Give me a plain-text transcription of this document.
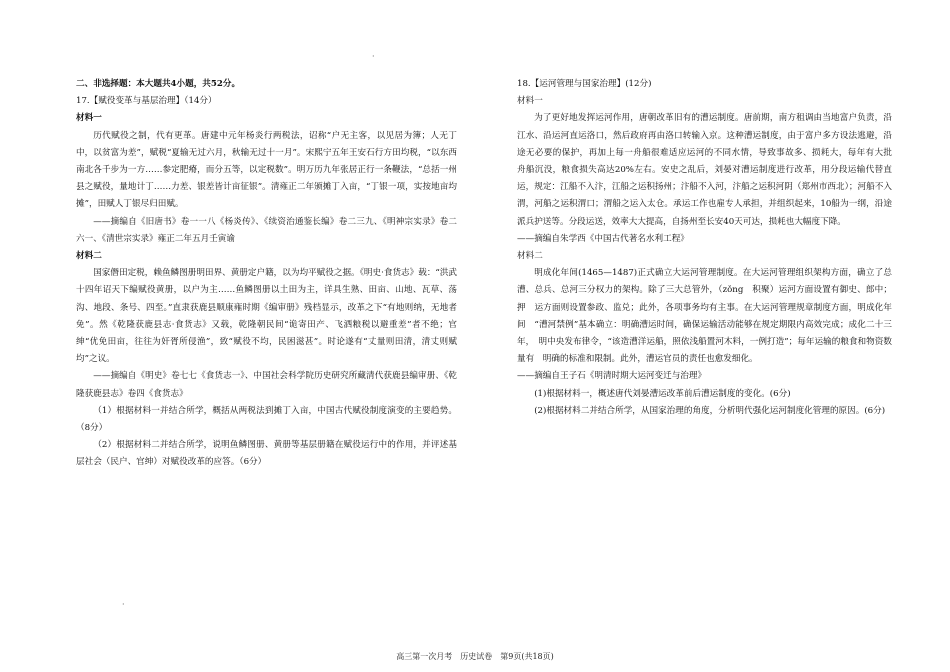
·
·

二、非选择题：本大题共4小题，共52分。

17.【赋役变革与基层治理】（14分）

材料一

历代赋役之制，代有更革。唐建中元年杨炎行两税法，诏称“户无主客，以见居为簿；人无丁中，以贫富为差”，赋税“夏输无过六月，秋输无过十一月”。宋熙宁五年王安石行方田均税，“以东西南北各千步为一方……参定肥瘠，而分五等，以定税数”。明万历九年张居正行一条鞭法，“总括一州县之赋役，量地计丁……力差、银差皆计亩征银”。清雍正二年颁摊丁入亩，“丁银一项，实按地亩均摊”，田赋人丁银尽归田赋。

——摘编自《旧唐书》卷一一八《杨炎传》、《续资治通鉴长编》卷二三九、《明神宗实录》卷二六一、《清世宗实录》雍正二年五月壬寅谕

材料二

国家僭田定税，赖鱼鳞图册明田界、黄册定户籍，以为均平赋役之据。《明史·食货志》载：“洪武十四年诏天下编赋役黄册，以户为主……鱼鳞图册以土田为主，详具生熟、田亩、山地、瓦草、荡沟、地段、条号、四至。”直隶获鹿县顺康雍时期《编审册》残档显示，改革之下“有地则纳，无地者免”。然《乾隆获鹿县志·食货志》又载，乾隆朝民间“诡寄田产、飞洒粮税以避重差”者不绝；官绅“优免田亩，往往为奸胥所侵渔”，致“赋役不均，民困滋甚”。时论遂有“丈量则田清，清丈则赋均”之议。

——摘编自《明史》卷七七《食货志一》、中国社会科学院历史研究所藏清代获鹿县编审册、《乾隆获鹿县志》卷四《食货志》

（1）根据材料一并结合所学，概括从两税法到摊丁入亩，中国古代赋役制度演变的主要趋势。（8分）

（2）根据材料二并结合所学，说明鱼鳞图册、黄册等基层册籍在赋役运行中的作用，并评述基层社会（民户、官绅）对赋役改革的应答。（6分）

18.【运河管理与国家治理】(12分)

材料一

为了更好地发挥运河作用，唐朝改革旧有的漕运制度。唐前期，南方租调由当地富户负责，沿江水、沿运河直运洛口，然后政府再由洛口转输入京。这种漕运制度，由于富户多方设法逃避，沿途无必要的保护，再加上每一舟船很难适应运河的不同水情，导致事故多、损耗大，每年有大批　舟船沉没，粮食损失高达20%左右。安史之乱后，刘晏对漕运制度进行改革，用分段运输代替直　运，规定：江船不入汴，江船之运积扬州；汴船不入河，汴船之运积河阴（郑州市西北）；河船不入　渭，河船之运积渭口；渭船之运入太仓。承运工作也雇专人承担，并组织起来，10船为一纲，沿途派兵护送等。分段运送，效率大大提高，自扬州至长安40天可达，损耗也大幅度下降。

——摘编自朱学西《中国古代著名水利工程》

材料二

明成化年间(1465—1487)正式确立大运河管理制度。在大运河管理组织架构方面，确立了总漕、总兵、总河三分权力的架构。除了三大总管外，（zǒng　积聚）运河方面设置有御史、郎中；押　运方面则设置参政、监兑；此外，各项事务均有主事。在大运河管理规章制度方面，明成化年间　“漕河禁例”基本确立：明确漕运时间，确保运输活动能够在规定期限内高效完成；成化二十三年，　明中央发布律令，“该造漕洋运船，照依浅船置河木料，一例打造”；每年运输的粮食和物资数量有　明确的标准和限制。此外，漕运官员的责任也愈发细化。

——摘编自王子石《明清时期大运河变迁与治理》

(1)根据材料一，概述唐代刘晏漕运改革前后漕运制度的变化。(6分)

(2)根据材料二并结合所学，从国家治理的角度，分析明代强化运河制度化管理的原因。(6分)

高三第一次月考　历史试卷　第9页(共18页)
